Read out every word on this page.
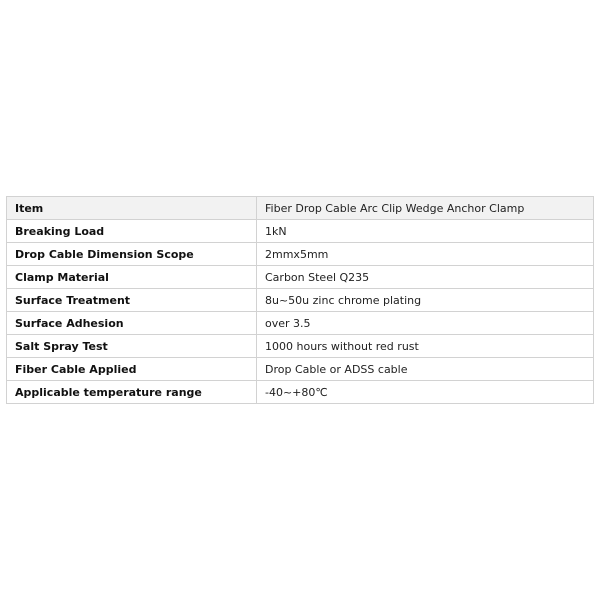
Item	Fiber Drop Cable Arc Clip Wedge Anchor Clamp
Breaking Load	1kN
Drop Cable Dimension Scope	2mmx5mm
Clamp Material	Carbon Steel Q235
Surface Treatment	8u~50u zinc chrome plating
Surface Adhesion	over 3.5
Salt Spray Test	1000 hours without red rust
Fiber Cable Applied	Drop Cable or ADSS cable
Applicable temperature range	-40~+80℃
